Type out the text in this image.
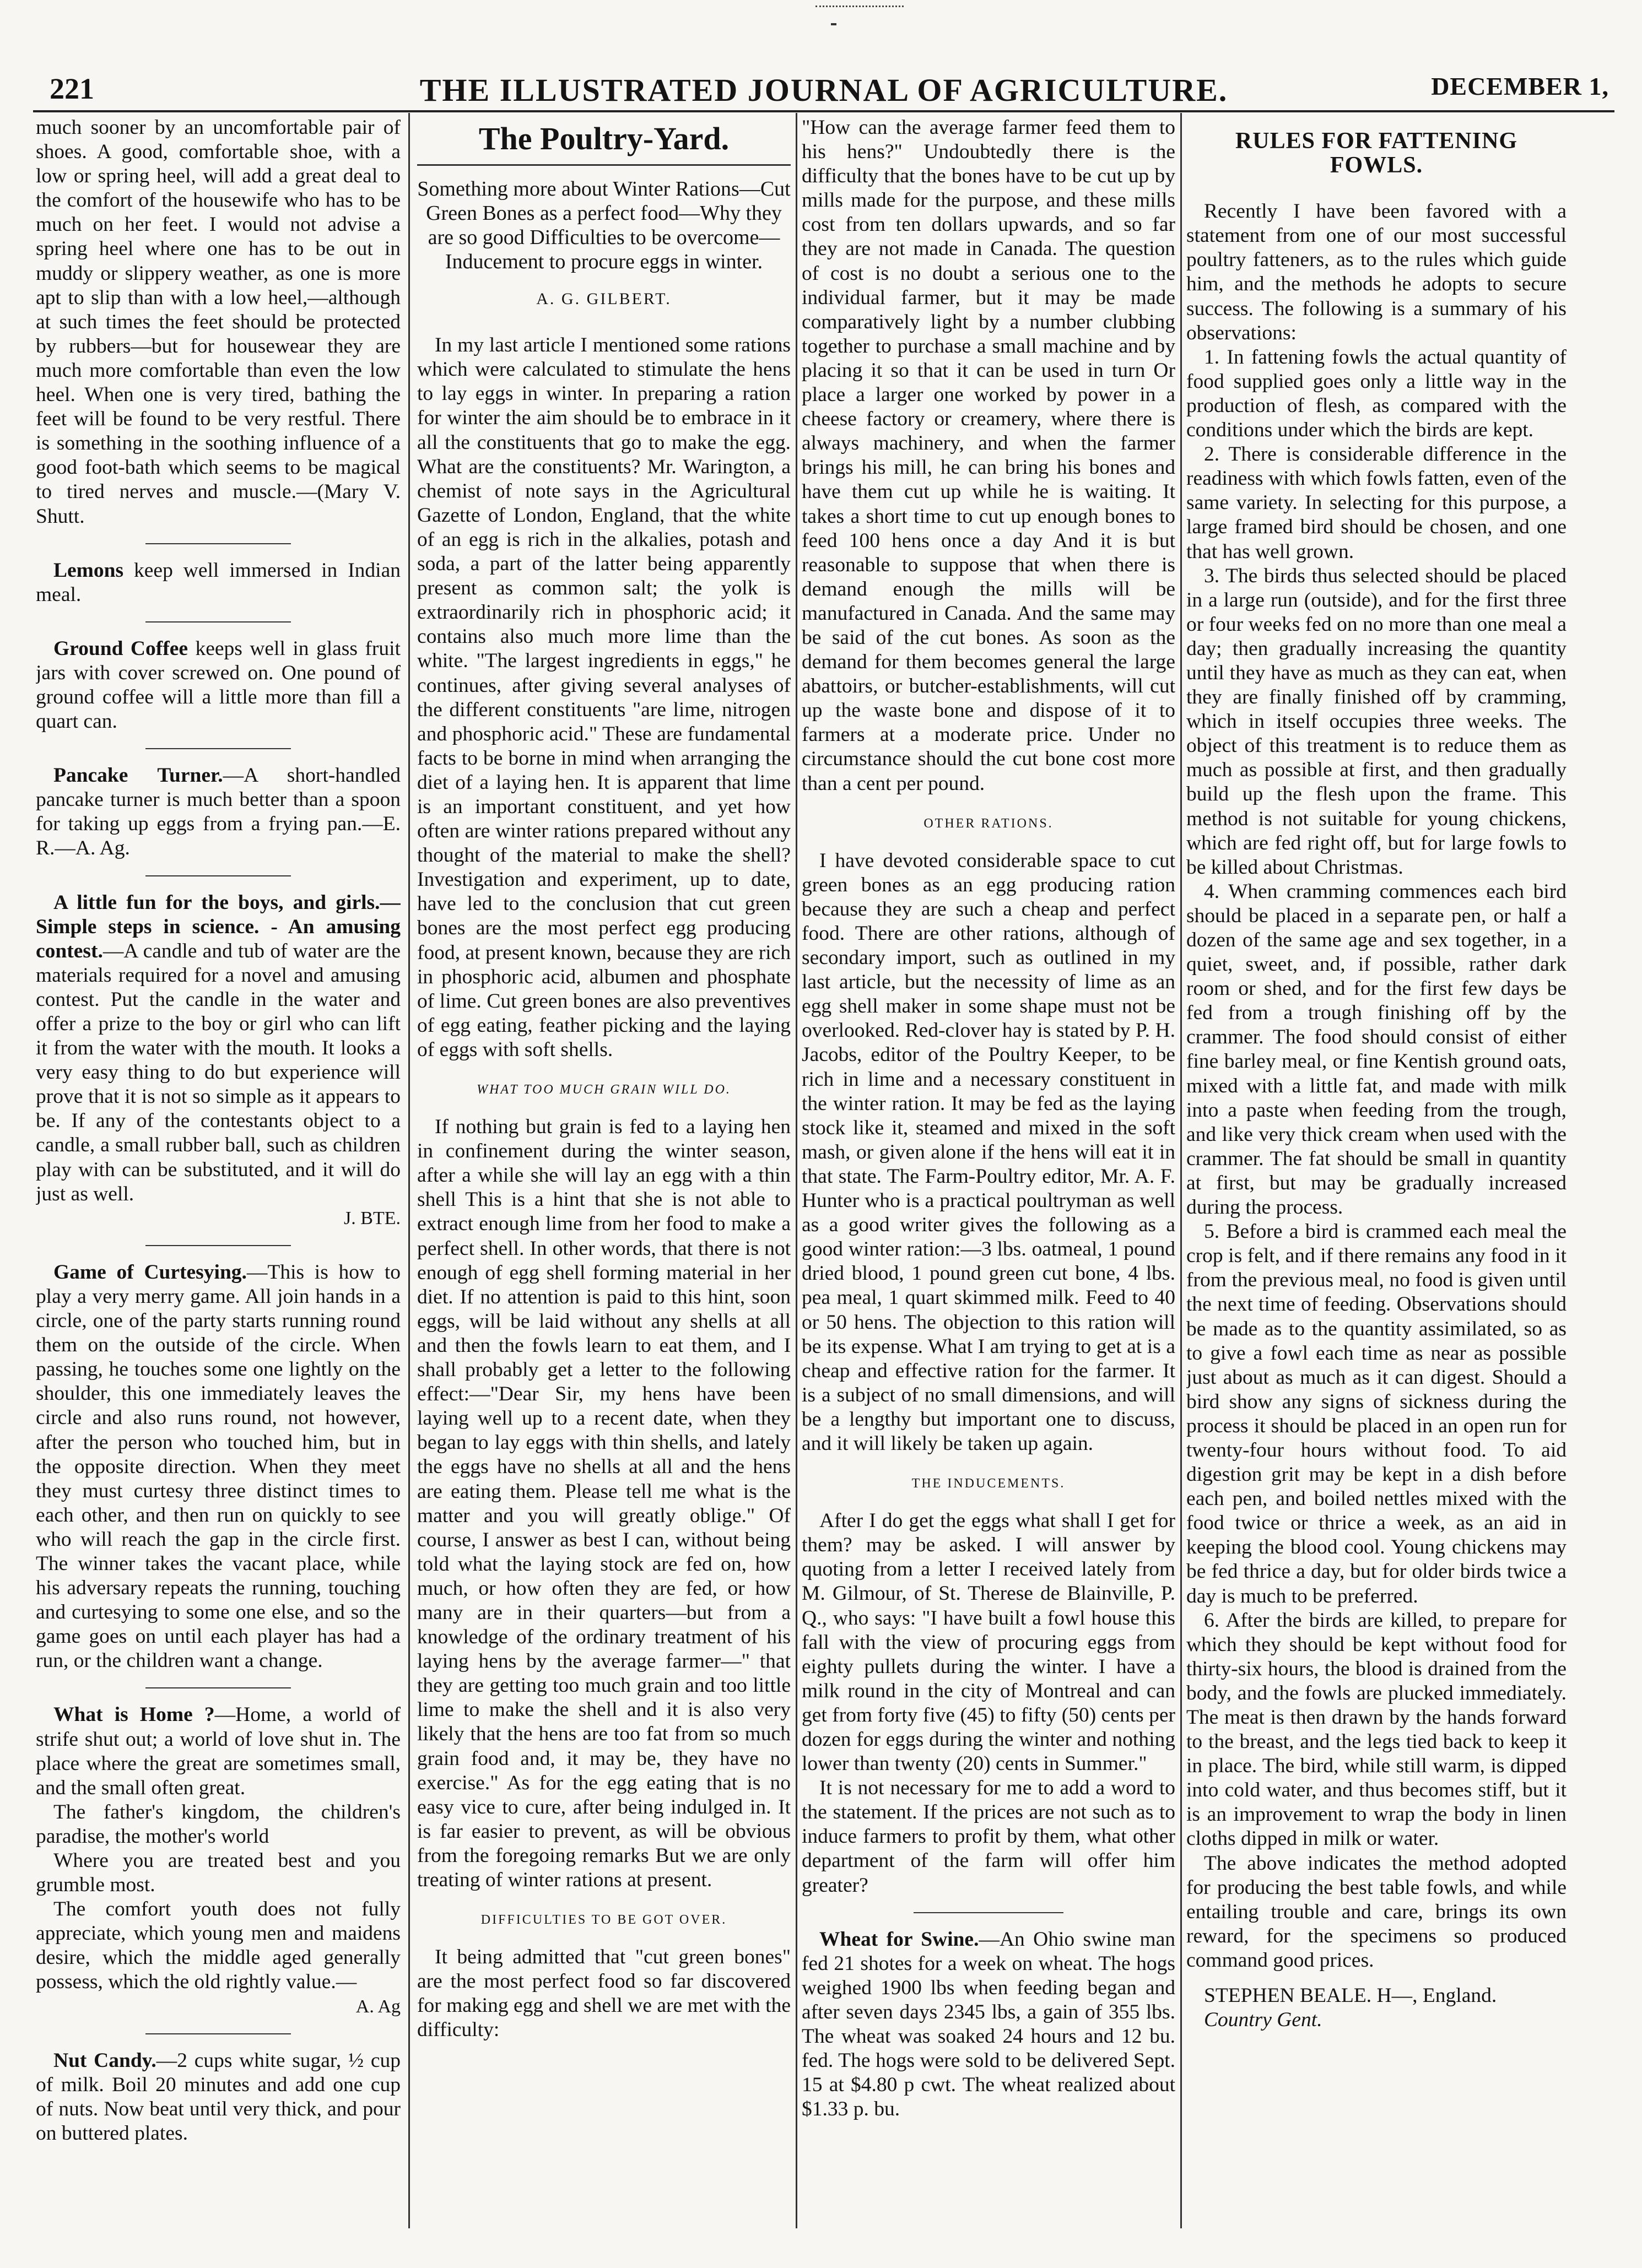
221	THE ILLUSTRATED JOURNAL OF AGRICULTURE.	DECEMBER 1,

much sooner by an uncomfortable pair of shoes. A good, comfortable shoe, with a low or spring heel, will add a great deal to the comfort of the housewife who has to be much on her feet. I would not advise a spring heel where one has to be out in muddy or slippery weather, as one is more apt to slip than with a low heel,—although at such times the feet should be protected by rubbers—but for housewear they are much more comfortable than even the low heel. When one is very tired, bathing the feet will be found to be very restful. There is something in the soothing influence of a good foot-bath which seems to be magical to tired nerves and muscle.—(Mary V. Shutt.

Lemons keep well immersed in Indian meal.

Ground Coffee keeps well in glass fruit jars with cover screwed on. One pound of ground coffee will a little more than fill a quart can.

Pancake Turner.—A short-handled pancake turner is much better than a spoon for taking up eggs from a frying pan.—E. R.—A. Ag.

A little fun for the boys, and girls.—Simple steps in science. - An amusing contest.—A candle and tub of water are the materials required for a novel and amusing contest. Put the candle in the water and offer a prize to the boy or girl who can lift it from the water with the mouth. It looks a very easy thing to do but experience will prove that it is not so simple as it appears to be. If any of the contestants object to a candle, a small rubber ball, such as children play with can be substituted, and it will do just as well.

J. BTE.

Game of Curtesying.—This is how to play a very merry game. All join hands in a circle, one of the party starts running round them on the outside of the circle. When passing, he touches some one lightly on the shoulder, this one immediately leaves the circle and also runs round, not however, after the person who touched him, but in the opposite direction. When they meet they must curtesy three distinct times to each other, and then run on quickly to see who will reach the gap in the circle first. The winner takes the vacant place, while his adversary repeats the running, touching and curtesying to some one else, and so the game goes on until each player has had a run, or the children want a change.

What is Home ?—Home, a world of strife shut out; a world of love shut in. The place where the great are sometimes small, and the small often great.

The father's kingdom, the children's paradise, the mother's world

Where you are treated best and you grumble most.

The comfort youth does not fully appreciate, which young men and maidens desire, which the middle aged generally possess, which the old rightly value.—

A. Ag

Nut Candy.—2 cups white sugar, ½ cup of milk. Boil 20 minutes and add one cup of nuts. Now beat until very thick, and pour on buttered plates.

The Poultry-Yard.
Something more about Winter Rations—Cut Green Bones as a perfect food—Why they are so good Difficulties to be overcome—Inducement to procure eggs in winter.
A. G. GILBERT.

In my last article I mentioned some rations which were calculated to stimulate the hens to lay eggs in winter. In preparing a ration for winter the aim should be to embrace in it all the constituents that go to make the egg. What are the constituents? Mr. Warington, a chemist of note says in the Agricultural Gazette of London, England, that the white of an egg is rich in the alkalies, potash and soda, a part of the latter being apparently present as common salt; the yolk is extraordinarily rich in phosphoric acid; it contains also much more lime than the white. "The largest ingredients in eggs," he continues, after giving several analyses of the different constituents "are lime, nitrogen and phosphoric acid." These are fundamental facts to be borne in mind when arranging the diet of a laying hen. It is apparent that lime is an important constituent, and yet how often are winter rations prepared without any thought of the material to make the shell? Investigation and experiment, up to date, have led to the conclusion that cut green bones are the most perfect egg producing food, at present known, because they are rich in phosphoric acid, albumen and phosphate of lime. Cut green bones are also preventives of egg eating, feather picking and the laying of eggs with soft shells.

WHAT TOO MUCH GRAIN WILL DO.

If nothing but grain is fed to a laying hen in confinement during the winter season, after a while she will lay an egg with a thin shell This is a hint that she is not able to extract enough lime from her food to make a perfect shell. In other words, that there is not enough of egg shell forming material in her diet. If no attention is paid to this hint, soon eggs, will be laid without any shells at all and then the fowls learn to eat them, and I shall probably get a letter to the following effect:—"Dear Sir, my hens have been laying well up to a recent date, when they began to lay eggs with thin shells, and lately the eggs have no shells at all and the hens are eating them. Please tell me what is the matter and you will greatly oblige." Of course, I answer as best I can, without being told what the laying stock are fed on, how much, or how often they are fed, or how many are in their quarters—but from a knowledge of the ordinary treatment of his laying hens by the average farmer—" that they are getting too much grain and too little lime to make the shell and it is also very likely that the hens are too fat from so much grain food and, it may be, they have no exercise." As for the egg eating that is no easy vice to cure, after being indulged in. It is far easier to prevent, as will be obvious from the foregoing remarks But we are only treating of winter rations at present.

DIFFICULTIES TO BE GOT OVER.

It being admitted that "cut green bones" are the most perfect food so far discovered for making egg and shell we are met with the difficulty:

"How can the average farmer feed them to his hens?" Undoubtedly there is the difficulty that the bones have to be cut up by mills made for the purpose, and these mills cost from ten dollars upwards, and so far they are not made in Canada. The question of cost is no doubt a serious one to the individual farmer, but it may be made comparatively light by a number clubbing together to purchase a small machine and by placing it so that it can be used in turn Or place a larger one worked by power in a cheese factory or creamery, where there is always machinery, and when the farmer brings his mill, he can bring his bones and have them cut up while he is waiting. It takes a short time to cut up enough bones to feed 100 hens once a day And it is but reasonable to suppose that when there is demand enough the mills will be manufactured in Canada. And the same may be said of the cut bones. As soon as the demand for them becomes general the large abattoirs, or butcher-establishments, will cut up the waste bone and dispose of it to farmers at a moderate price. Under no circumstance should the cut bone cost more than a cent per pound.

OTHER RATIONS.

I have devoted considerable space to cut green bones as an egg producing ration because they are such a cheap and perfect food. There are other rations, although of secondary import, such as outlined in my last article, but the necessity of lime as an egg shell maker in some shape must not be overlooked. Red-clover hay is stated by P. H. Jacobs, editor of the Poultry Keeper, to be rich in lime and a necessary constituent in the winter ration. It may be fed as the laying stock like it, steamed and mixed in the soft mash, or given alone if the hens will eat it in that state. The Farm-Poultry editor, Mr. A. F. Hunter who is a practical poultryman as well as a good writer gives the following as a good winter ration:—3 lbs. oatmeal, 1 pound dried blood, 1 pound green cut bone, 4 lbs. pea meal, 1 quart skimmed milk. Feed to 40 or 50 hens. The objection to this ration will be its expense. What I am trying to get at is a cheap and effective ration for the farmer. It is a subject of no small dimensions, and will be a lengthy but important one to discuss, and it will likely be taken up again.

THE INDUCEMENTS.

After I do get the eggs what shall I get for them? may be asked. I will answer by quoting from a letter I received lately from M. Gilmour, of St. Therese de Blainville, P. Q., who says: "I have built a fowl house this fall with the view of procuring eggs from eighty pullets during the winter. I have a milk round in the city of Montreal and can get from forty five (45) to fifty (50) cents per dozen for eggs during the winter and nothing lower than twenty (20) cents in Summer."

It is not necessary for me to add a word to the statement. If the prices are not such as to induce farmers to profit by them, what other department of the farm will offer him greater?

Wheat for Swine.—An Ohio swine man fed 21 shotes for a week on wheat. The hogs weighed 1900 lbs when feeding began and after seven days 2345 lbs, a gain of 355 lbs. The wheat was soaked 24 hours and 12 bu. fed. The hogs were sold to be delivered Sept. 15 at $4.80 p cwt. The wheat realized about $1.33 p. bu.

RULES FOR FATTENING FOWLS.

Recently I have been favored with a statement from one of our most successful poultry fatteners, as to the rules which guide him, and the methods he adopts to secure success. The following is a summary of his observations:

1. In fattening fowls the actual quantity of food supplied goes only a little way in the production of flesh, as compared with the conditions under which the birds are kept.

2. There is considerable difference in the readiness with which fowls fatten, even of the same variety. In selecting for this purpose, a large framed bird should be chosen, and one that has well grown.

3. The birds thus selected should be placed in a large run (outside), and for the first three or four weeks fed on no more than one meal a day; then gradually increasing the quantity until they have as much as they can eat, when they are finally finished off by cramming, which in itself occupies three weeks. The object of this treatment is to reduce them as much as possible at first, and then gradually build up the flesh upon the frame. This method is not suitable for young chickens, which are fed right off, but for large fowls to be killed about Christmas.

4. When cramming commences each bird should be placed in a separate pen, or half a dozen of the same age and sex together, in a quiet, sweet, and, if possible, rather dark room or shed, and for the first few days be fed from a trough finishing off by the crammer. The food should consist of either fine barley meal, or fine Kentish ground oats, mixed with a little fat, and made with milk into a paste when feeding from the trough, and like very thick cream when used with the crammer. The fat should be small in quantity at first, but may be gradually increased during the process.

5. Before a bird is crammed each meal the crop is felt, and if there remains any food in it from the previous meal, no food is given until the next time of feeding. Observations should be made as to the quantity assimilated, so as to give a fowl each time as near as possible just about as much as it can digest. Should a bird show any signs of sickness during the process it should be placed in an open run for twenty-four hours without food. To aid digestion grit may be kept in a dish before each pen, and boiled nettles mixed with the food twice or thrice a week, as an aid in keeping the blood cool. Young chickens may be fed thrice a day, but for older birds twice a day is much to be preferred.

6. After the birds are killed, to prepare for which they should be kept without food for thirty-six hours, the blood is drained from the body, and the fowls are plucked immediately. The meat is then drawn by the hands forward to the breast, and the legs tied back to keep it in place. The bird, while still warm, is dipped into cold water, and thus becomes stiff, but it is an improvement to wrap the body in linen cloths dipped in milk or water.

The above indicates the method adopted for producing the best table fowls, and while entailing trouble and care, brings its own reward, for the specimens so produced command good prices.

STEPHEN BEALE. H—, England.

Country Gent.
